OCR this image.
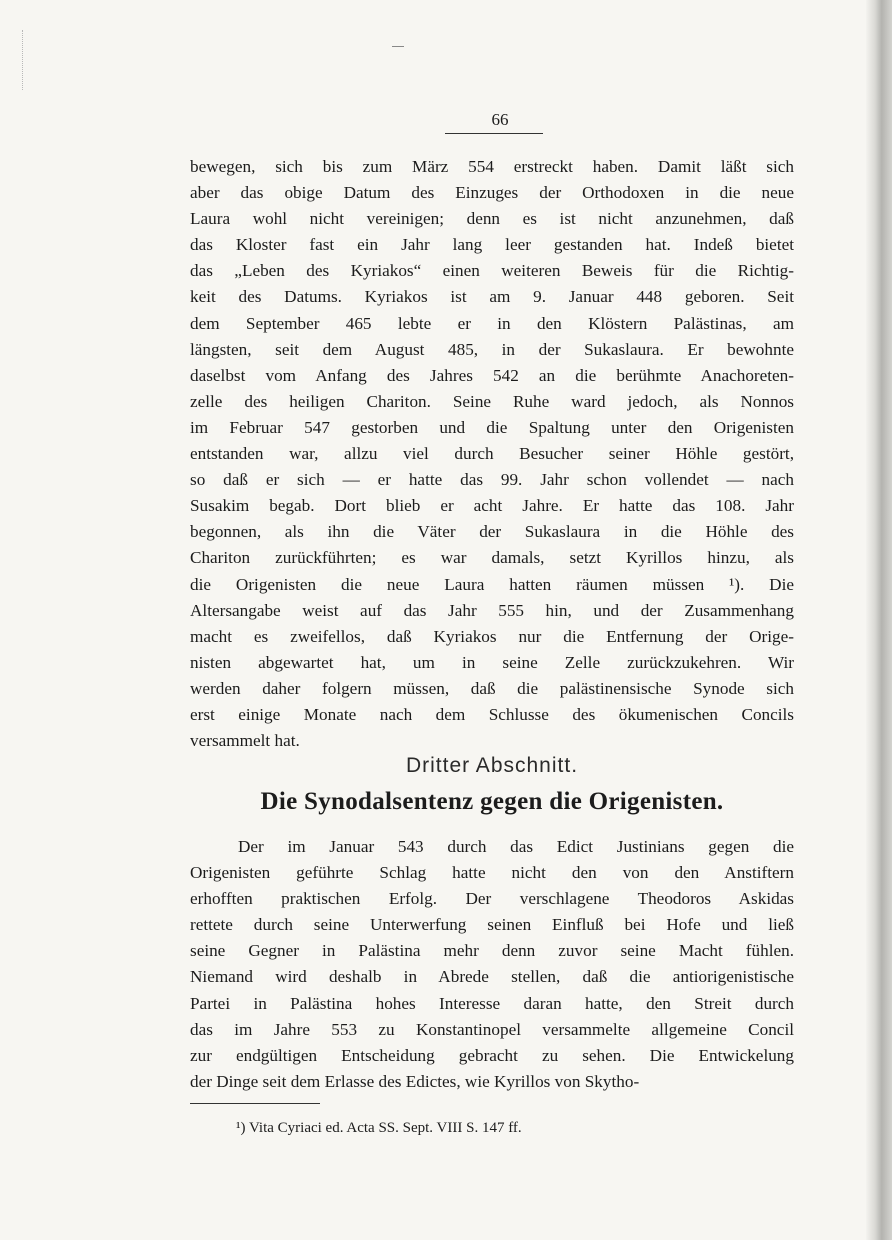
66
bewegen, sich bis zum März 554 erstreckt haben. Damit läßt sich
aber das obige Datum des Einzuges der Orthodoxen in die neue
Laura wohl nicht vereinigen; denn es ist nicht anzunehmen, daß
das Kloster fast ein Jahr lang leer gestanden hat. Indeß bietet
das „Leben des Kyriakos“ einen weiteren Beweis für die Richtig-
keit des Datums. Kyriakos ist am 9. Januar 448 geboren. Seit
dem September 465 lebte er in den Klöstern Palästinas, am
längsten, seit dem August 485, in der Sukaslaura. Er bewohnte
daselbst vom Anfang des Jahres 542 an die berühmte Anachoreten-
zelle des heiligen Chariton. Seine Ruhe ward jedoch, als Nonnos
im Februar 547 gestorben und die Spaltung unter den Origenisten
entstanden war, allzu viel durch Besucher seiner Höhle gestört,
so daß er sich — er hatte das 99. Jahr schon vollendet — nach
Susakim begab. Dort blieb er acht Jahre. Er hatte das 108. Jahr
begonnen, als ihn die Väter der Sukaslaura in die Höhle des
Chariton zurückführten; es war damals, setzt Kyrillos hinzu, als
die Origenisten die neue Laura hatten räumen müssen ¹). Die
Altersangabe weist auf das Jahr 555 hin, und der Zusammenhang
macht es zweifellos, daß Kyriakos nur die Entfernung der Orige-
nisten abgewartet hat, um in seine Zelle zurückzukehren. Wir
werden daher folgern müssen, daß die palästinensische Synode sich
erst einige Monate nach dem Schlusse des ökumenischen Concils
versammelt hat.
Dritter Abschnitt.
Die Synodalsentenz gegen die Origenisten.
Der im Januar 543 durch das Edict Justinians gegen die
Origenisten geführte Schlag hatte nicht den von den Anstiftern
erhofften praktischen Erfolg. Der verschlagene Theodoros Askidas
rettete durch seine Unterwerfung seinen Einfluß bei Hofe und ließ
seine Gegner in Palästina mehr denn zuvor seine Macht fühlen.
Niemand wird deshalb in Abrede stellen, daß die antiorigenistische
Partei in Palästina hohes Interesse daran hatte, den Streit durch
das im Jahre 553 zu Konstantinopel versammelte allgemeine Concil
zur endgültigen Entscheidung gebracht zu sehen. Die Entwickelung
der Dinge seit dem Erlasse des Edictes, wie Kyrillos von Skytho-
¹) Vita Cyriaci ed. Acta SS. Sept. VIII S. 147 ff.
